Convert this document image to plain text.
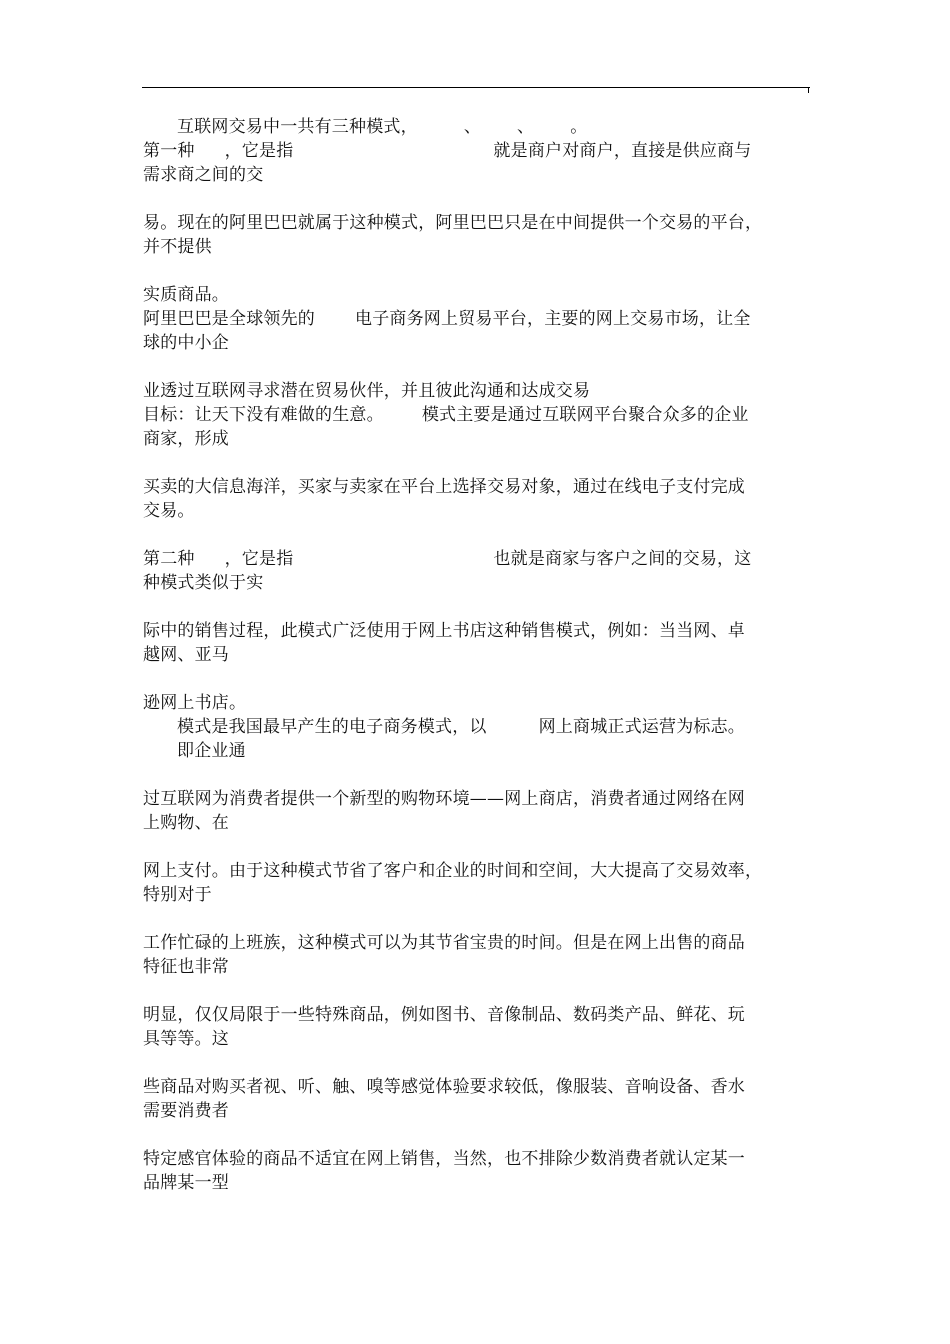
互联网交易中一共有三种模式，	、 、 。
第一种 ，它是指	就是商户对商户，直接是供应商与
需求商之间的交
易。现在的阿里巴巴就属于这种模式，阿里巴巴只是在中间提供一个交易的平台，
并不提供
实质商品。
阿里巴巴是全球领先的 电子商务网上贸易平台，主要的网上交易市场，让全
球的中小企
业透过互联网寻求潜在贸易伙伴，并且彼此沟通和达成交易
目标：让天下没有难做的生意。 模式主要是通过互联网平台聚合众多的企业
商家，形成
买卖的大信息海洋，买家与卖家在平台上选择交易对象，通过在线电子支付完成
交易。
第二种 ，它是指	也就是商家与客户之间的交易，这
种模式类似于实
际中的销售过程，此模式广泛使用于网上书店这种销售模式，例如：当当网、卓
越网、亚马
逊网上书店。
模式是我国最早产生的电子商务模式，以	网上商城正式运营为标志。
即企业通
过互联网为消费者提供一个新型的购物环境——网上商店，消费者通过网络在网
上购物、在
网上支付。由于这种模式节省了客户和企业的时间和空间，大大提高了交易效率，
特别对于
工作忙碌的上班族，这种模式可以为其节省宝贵的时间。但是在网上出售的商品
特征也非常
明显，仅仅局限于一些特殊商品，例如图书、音像制品、数码类产品、鲜花、玩
具等等。这
些商品对购买者视、听、触、嗅等感觉体验要求较低，像服装、音响设备、香水
需要消费者
特定感官体验的商品不适宜在网上销售，当然，也不排除少数消费者就认定某一
品牌某一型
